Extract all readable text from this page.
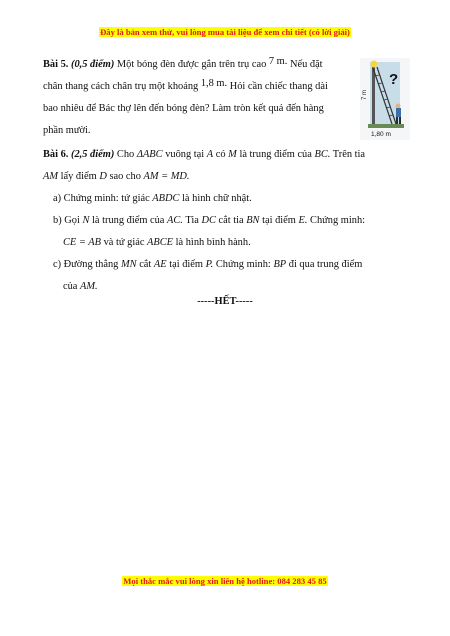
Đây là bản xem thử, vui lòng mua tài liệu để xem chi tiết (có lời giải)

Bài 5. (0,5 điểm) Một bóng đèn được gắn trên trụ cao 7 m. Nếu đặt

chân thang cách chân trụ một khoảng 1,8 m. Hỏi cần chiếc thang dài

bao nhiêu để Bác thợ lên đến bóng đèn? Làm tròn kết quả đến hàng

phần mười.

?
7 m
1,80 m

Bài 6. (2,5 điểm) Cho ΔABC vuông tại A có M là trung điểm của BC. Trên tia

AM lấy điểm D sao cho AM = MD.

a) Chứng minh: tứ giác ABDC là hình chữ nhật.

b) Gọi N là trung điểm của AC. Tia DC cắt tia BN tại điểm E. Chứng minh:

CE = AB và tứ giác ABCE là hình bình hành.

c) Đường thẳng MN cắt AE tại điểm P. Chứng minh: BP đi qua trung điểm

của AM.

-----HẾT-----
Mọi thắc mắc vui lòng xin liên hệ hotline: 084 283 45 85
